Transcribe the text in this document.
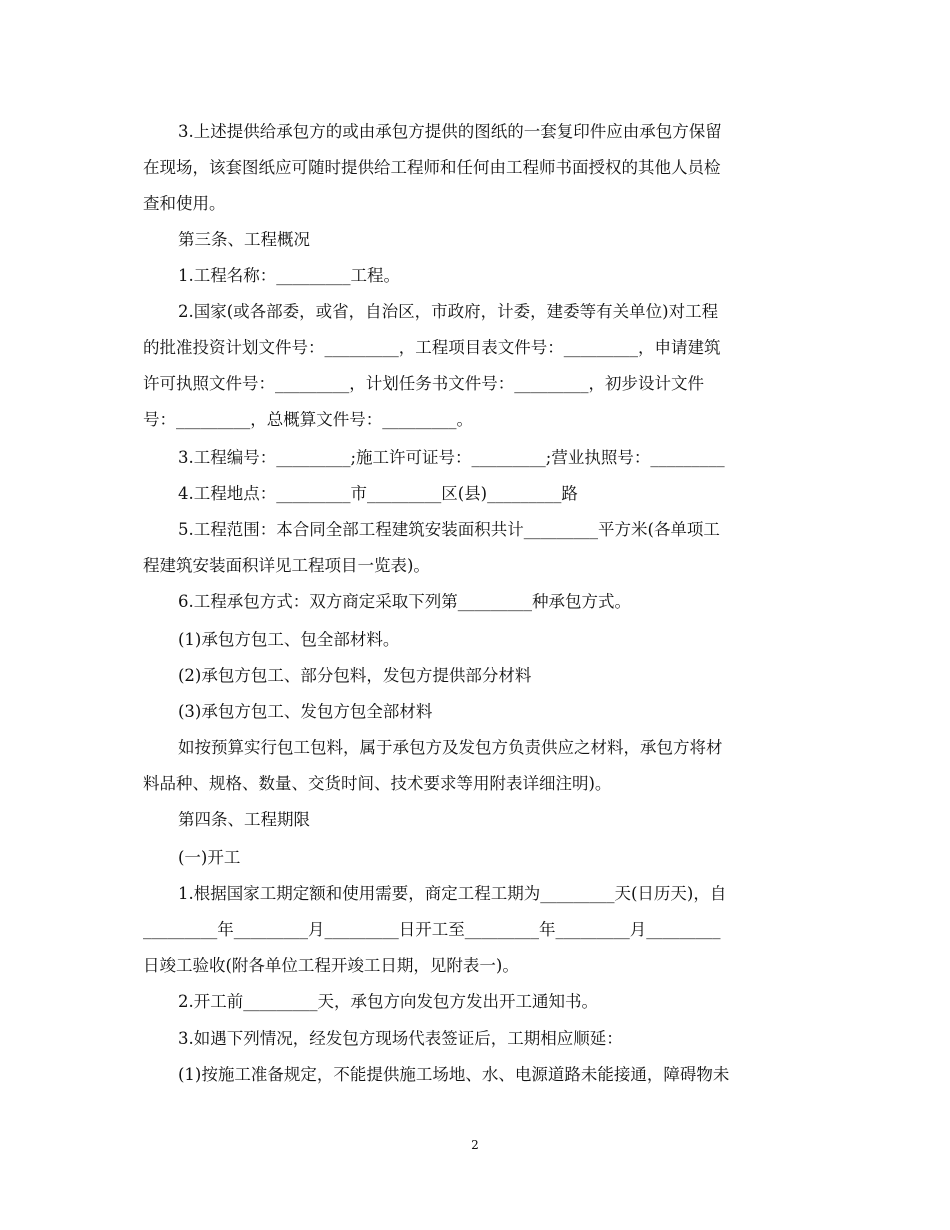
3.上述提供给承包方的或由承包方提供的图纸的一套复印件应由承包方保留
在现场，该套图纸应可随时提供给工程师和任何由工程师书面授权的其他人员检
查和使用。
第三条、工程概况
1.工程名称：_________工程。
2.国家(或各部委，或省，自治区，市政府，计委，建委等有关单位)对工程
的批准投资计划文件号：_________，工程项目表文件号：_________，申请建筑
许可执照文件号：_________，计划任务书文件号：_________，初步设计文件
号：_________，总概算文件号：_________。
3.工程编号：_________;施工许可证号：_________;营业执照号：_________
4.工程地点：_________市_________区(县)_________路
5.工程范围：本合同全部工程建筑安装面积共计_________平方米(各单项工
程建筑安装面积详见工程项目一览表)。
6.工程承包方式：双方商定采取下列第_________种承包方式。
(1)承包方包工、包全部材料。
(2)承包方包工、部分包料，发包方提供部分材料
(3)承包方包工、发包方包全部材料
如按预算实行包工包料，属于承包方及发包方负责供应之材料，承包方将材
料品种、规格、数量、交货时间、技术要求等用附表详细注明)。
第四条、工程期限
(一)开工
1.根据国家工期定额和使用需要，商定工程工期为_________天(日历天)，自
_________年_________月_________日开工至_________年_________月_________
日竣工验收(附各单位工程开竣工日期，见附表一)。
2.开工前_________天，承包方向发包方发出开工通知书。
3.如遇下列情况，经发包方现场代表签证后，工期相应顺延：
(1)按施工准备规定，不能提供施工场地、水、电源道路未能接通，障碍物未
2
